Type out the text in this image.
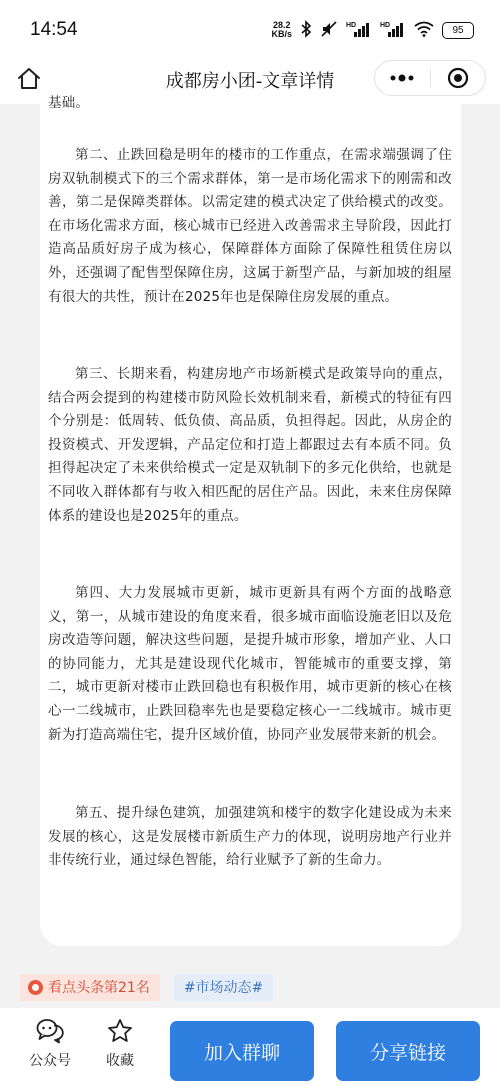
14:54	28.2
KB/s
HD	HD	95
成都房小团-文章详情
基础。

第二、止跌回稳是明年的楼市的工作重点，在需求端强调了住房双轨制模式下的三个需求群体，第一是市场化需求下的刚需和改善，第二是保障类群体。以需定建的模式决定了供给模式的改变。在市场化需求方面，核心城市已经进入改善需求主导阶段，因此打造高品质好房子成为核心，保障群体方面除了保障性租赁住房以外，还强调了配售型保障住房，这属于新型产品，与新加坡的组屋有很大的共性，预计在2025年也是保障住房发展的重点。

第三、长期来看，构建房地产市场新模式是政策导向的重点，结合两会提到的构建楼市防风险长效机制来看，新模式的特征有四个分别是：低周转、低负债、高品质，负担得起。因此，从房企的投资模式、开发逻辑，产品定位和打造上都跟过去有本质不同。负担得起决定了未来供给模式一定是双轨制下的多元化供给，也就是不同收入群体都有与收入相匹配的居住产品。因此，未来住房保障体系的建设也是2025年的重点。

第四、大力发展城市更新，城市更新具有两个方面的战略意义，第一，从城市建设的角度来看，很多城市面临设施老旧以及危房改造等问题，解决这些问题，是提升城市形象，增加产业、人口的协同能力，尤其是建设现代化城市，智能城市的重要支撑，第二，城市更新对楼市止跌回稳也有积极作用，城市更新的核心在核心一二线城市，止跌回稳率先也是要稳定核心一二线城市。城市更新为打造高端住宅，提升区域价值，协同产业发展带来新的机会。

第五、提升绿色建筑，加强建筑和楼宇的数字化建设成为未来发展的核心，这是发展楼市新质生产力的体现，说明房地产行业并非传统行业，通过绿色智能，给行业赋予了新的生命力。

看点头条第21名 #市场动态#
公众号	收藏	加入群聊	分享链接
